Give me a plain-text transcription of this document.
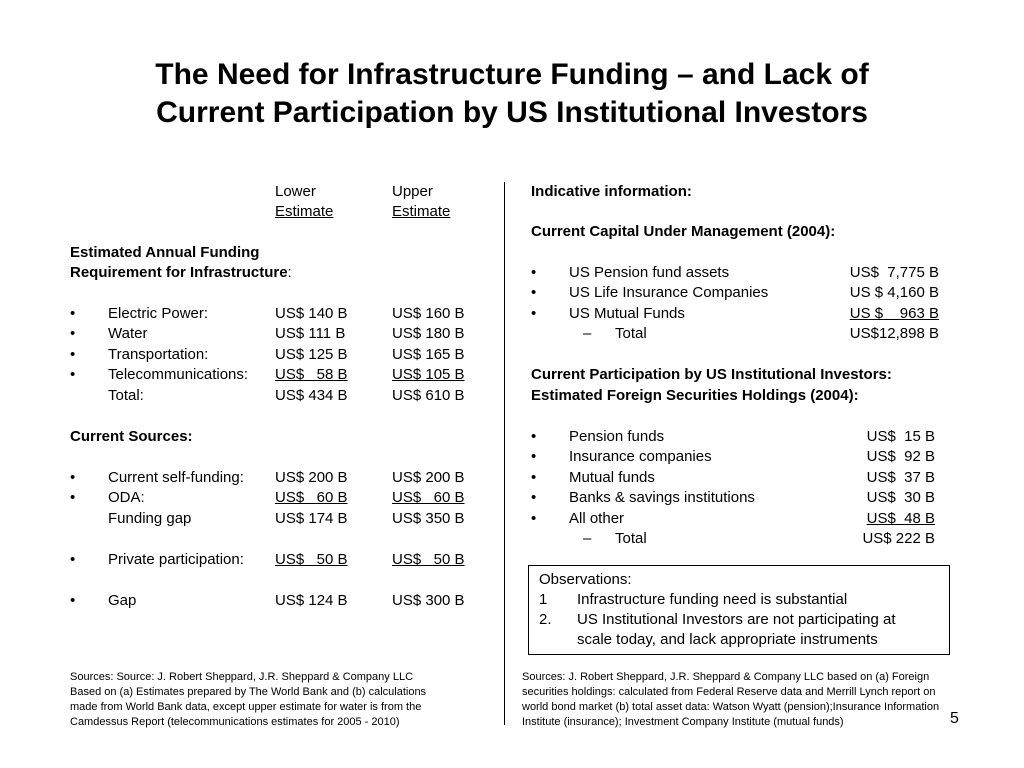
The Need for Infrastructure Funding – and Lack of
Current Participation by US Institutional Investors
Lower
Estimate
Upper
Estimate
Estimated Annual Funding
Requirement for Infrastructure:
• Electric Power:	US$ 140 B	US$ 160 B
• Water	US$ 111 B	US$ 180 B
• Transportation:	US$ 125 B	US$ 165 B
• Telecommunications: US$   58 B	US$ 105 B
Total:	US$ 434 B	US$ 610 B
Current Sources:
• Current self-funding: US$ 200 B	US$ 200 B
• ODA:	US$   60 B	US$   60 B
Funding gap	US$ 174 B	US$ 350 B
• Private participation: US$   50 B	US$   50 B
• Gap	US$ 124 B	US$ 300 B
Indicative information:
Current Capital Under Management (2004):
• US Pension fund assets	US$  7,775 B
• US Life Insurance Companies	US $ 4,160 B
• US Mutual Funds	US $    963 B
– Total	US$12,898 B
Current Participation by US Institutional Investors:
Estimated Foreign Securities Holdings (2004):
• Pension funds	US$  15 B
• Insurance companies	US$  92 B
• Mutual funds	US$  37 B
• Banks & savings institutions	US$  30 B
• All other	US$  48 B
– Total	US$ 222 B
Observations:
1 Infrastructure funding need is substantial
2. US Institutional Investors are not participating at
scale today, and lack appropriate instruments
Sources: Source: J. Robert Sheppard, J.R. Sheppard & Company LLC
Based on (a) Estimates prepared by The World Bank and (b) calculations
made from World Bank data, except upper estimate for water is from the
Camdessus Report (telecommunications estimates for 2005 - 2010)
Sources: J. Robert Sheppard, J.R. Sheppard & Company LLC based on (a) Foreign
securities holdings: calculated from Federal Reserve data and Merrill Lynch report on
world bond market (b) total asset data: Watson Wyatt (pension);Insurance Information
Institute (insurance); Investment Company Institute (mutual funds)	5
